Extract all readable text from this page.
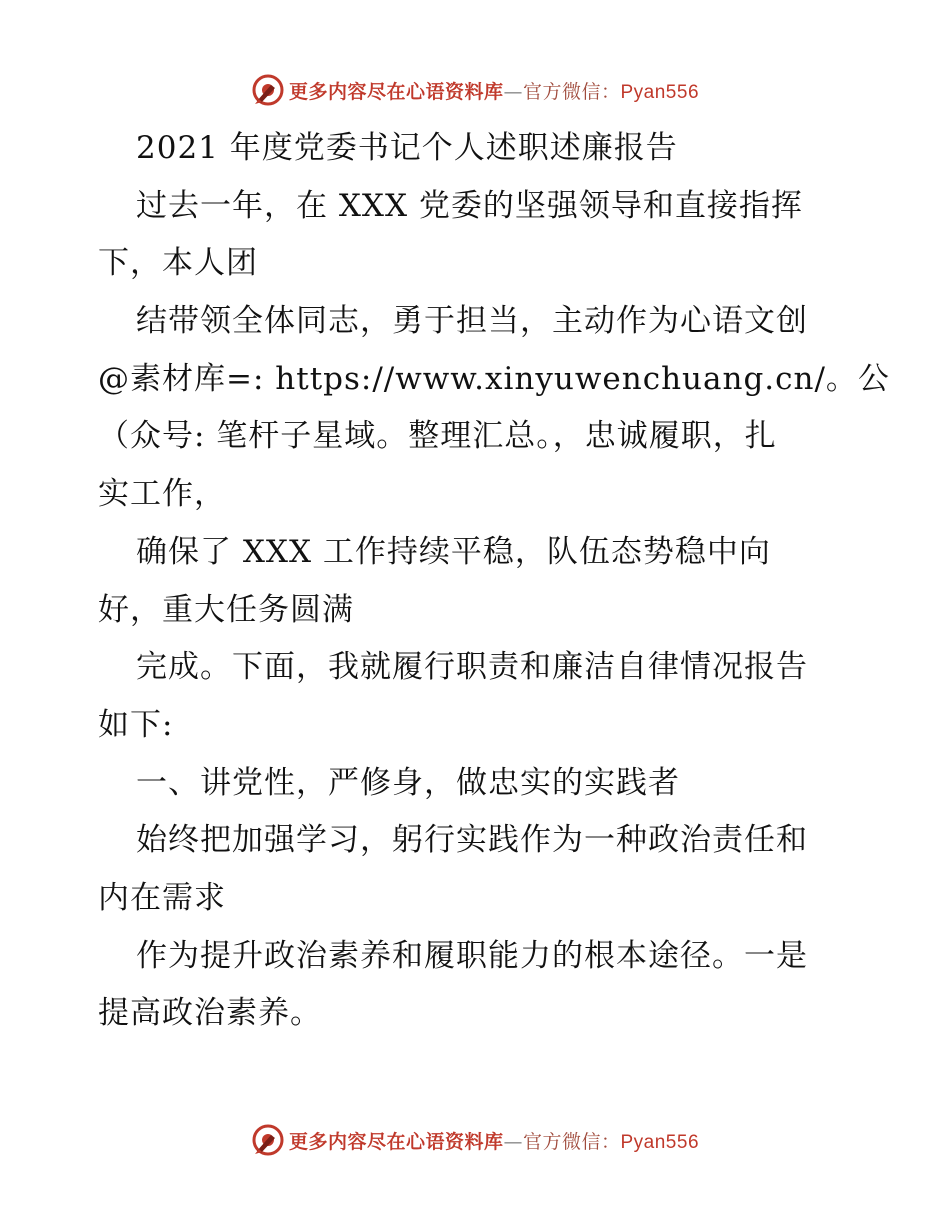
更多内容尽在心语资料库—官方微信：Pyan556
2021 年度党委书记个人述职述廉报告
过去一年，在 XXX 党委的坚强领导和直接指挥
下，本人团
结带领全体同志，勇于担当，主动作为心语文创
@素材库=: https://www.xinyuwenchuang.cn/。公
（众号: 笔杆子星域。整理汇总。，忠诚履职，扎
实工作，
确保了 XXX 工作持续平稳，队伍态势稳中向
好，重大任务圆满
完成。下面，我就履行职责和廉洁自律情况报告
如下:
一、讲党性，严修身，做忠实的实践者
始终把加强学习，躬行实践作为一种政治责任和
内在需求
作为提升政治素养和履职能力的根本途径。一是
提高政治素养。
更多内容尽在心语资料库—官方微信：Pyan556
